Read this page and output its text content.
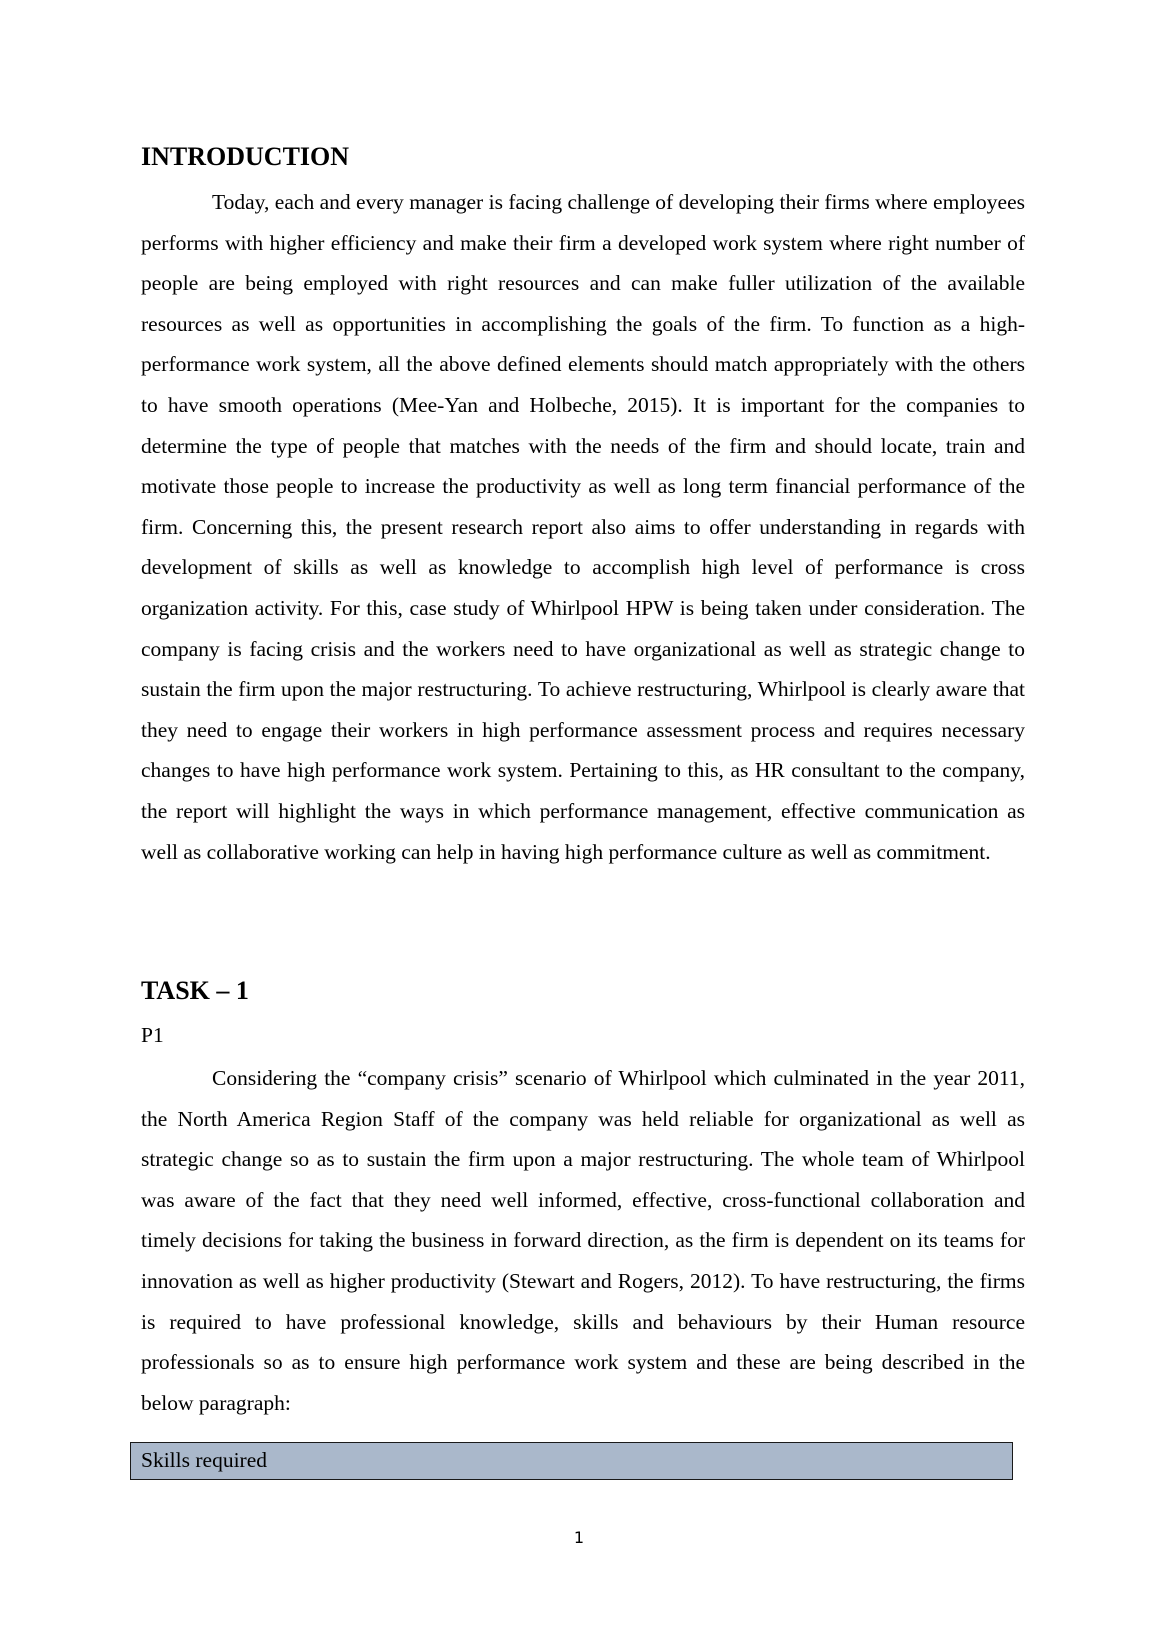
INTRODUCTION

Today, each and every manager is facing challenge of developing their firms where employees performs with higher efficiency and make their firm a developed work system where right number of people are being employed with right resources and can make fuller utilization of the available resources as well as opportunities in accomplishing the goals of the firm. To function as a high-performance work system, all the above defined elements should match appropriately with the others to have smooth operations (Mee-Yan and Holbeche, 2015). It is important for the companies to determine the type of people that matches with the needs of the firm and should locate, train and motivate those people to increase the productivity as well as long term financial performance of the firm. Concerning this, the present research report also aims to offer understanding in regards with development of skills as well as knowledge to accomplish high level of performance is cross organization activity. For this, case study of Whirlpool HPW is being taken under consideration. The company is facing crisis and the workers need to have organizational as well as strategic change to sustain the firm upon the major restructuring. To achieve restructuring, Whirlpool is clearly aware that they need to engage their workers in high performance assessment process and requires necessary changes to have high performance work system. Pertaining to this, as HR consultant to the company, the report will highlight the ways in which performance management, effective communication as well as collaborative working can help in having high performance culture as well as commitment.

TASK – 1

P1

Considering the “company crisis” scenario of Whirlpool which culminated in the year 2011, the North America Region Staff of the company was held reliable for organizational as well as strategic change so as to sustain the firm upon a major restructuring. The whole team of Whirlpool was aware of the fact that they need well informed, effective, cross-functional collaboration and timely decisions for taking the business in forward direction, as the firm is dependent on its teams for innovation as well as higher productivity (Stewart and Rogers, 2012). To have restructuring, the firms is required to have professional knowledge, skills and behaviours by their Human resource professionals so as to ensure high performance work system and these are being described in the below paragraph:

Skills required

1
